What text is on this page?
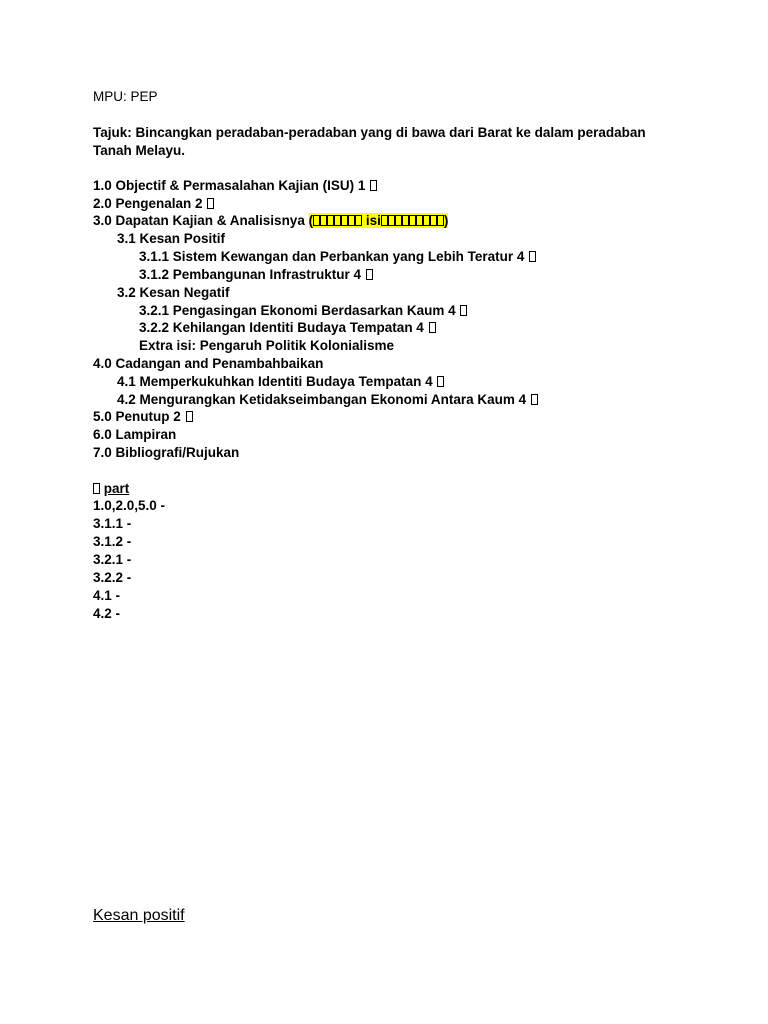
MPU: PEP
Tajuk: Bincangkan peradaban-peradaban yang di bawa dari Barat ke dalam peradaban
Tanah Melayu.
1.0 Objectif & Permasalahan Kajian (ISU) 1
2.0 Pengenalan 2
3.0 Dapatan Kajian & Analisisnya (	isi	)
3.1 Kesan Positif
3.1.1 Sistem Kewangan dan Perbankan yang Lebih Teratur 4
3.1.2 Pembangunan Infrastruktur 4
3.2 Kesan Negatif
3.2.1 Pengasingan Ekonomi Berdasarkan Kaum 4
3.2.2 Kehilangan Identiti Budaya Tempatan 4
Extra isi: Pengaruh Politik Kolonialisme
4.0 Cadangan and Penambahbaikan
4.1 Memperkukuhkan Identiti Budaya Tempatan 4
4.2 Mengurangkan Ketidakseimbangan Ekonomi Antara Kaum 4
5.0 Penutup 2
6.0 Lampiran
7.0 Bibliografi/Rujukan
part
1.0,2.0,5.0 -
3.1.1 -
3.1.2 -
3.2.1 -
3.2.2 -
4.1 -
4.2 -
Kesan positif
